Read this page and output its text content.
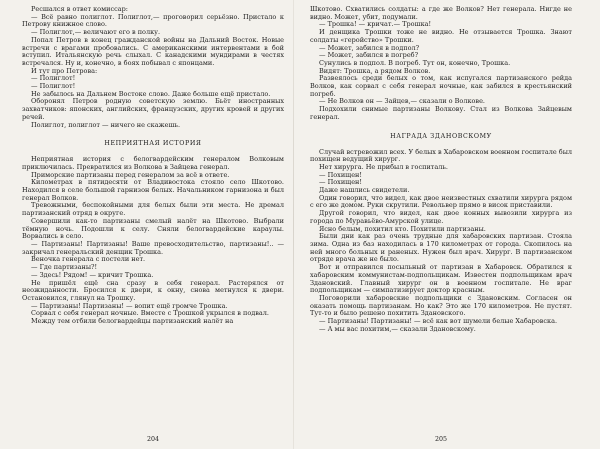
Ресшался в ответ комиссар:

— Всё равно полиглот. Полиглот,— проговорил серьёзно. Пристало к Петрову книжное слово.

— Полиглот,— величают его в полку.

Попал Петров в конец гражданской войны на Дальний Восток. Новые встречи с врагами пробовались. С американскими интервентами в бой вступил. Итальянскую речь слыхал. С канадскими мундирами в честях встречался. Ну и, конечно, в боях побывал с японцами.

И тут про Петрова:

— Полиглот!

— Полиглот!

Не забылось на Дальнем Востоке слово. Даже больше ещё пристало.

Оборонял Петров родную советскую землю. Бьёт иностранных захватчиков: японских, английских, французских, других кровей и других речей.

Полиглот, полиглот — ничего не скажешь.

НЕПРИЯТНАЯ ИСТОРИЯ

Неприятная история с белогвардейским генералом Волковым приключилась. Превратился из Волкова в Зайцева генерал.

Приморские партизаны перед генералом за всё в ответе.

Километрах в пятидесяти от Владивостока стояло село Шкотово. Находился в селе большой гарнизон белых. Начальником гарнизона и был генерал Волков.

Тревожными, беспокойными для белых были эти места. Не дремал партизанский отряд в округе.

Совершили как-то партизаны смелый налёт на Шкотово. Выбрали тёмную ночь. Подошли к селу. Сняли белогвардейские караулы. Ворвались в село.

— Партизаны! Партизаны! Ваше превосходительство, партизаны!.. — закричал генеральский денщик Трошка.

Веночка генерала с постели нет.

— Где партизаны?!

— Здесь! Рядом! — кричит Трошка.

Не пришёл ещё сна сразу в себя генерал. Растерялся от неожиданности. Бросился к двери, к окну, снова метнулся к двери. Остановился, глянул на Трошку.

— Партизаны! Партизаны! — вопит ещё громче Трошка.

Сорвал с себя генерал ночные. Вместе с Трошкой укрылся в подвал.

Между тем отбили белогвардейцы партизанский налёт на

204

Шкотово. Схватились солдаты: а где же Волков? Нет генерала. Нигде не видно. Может, убит, подумали.

— Трошка! — кричат.— Трошка!

И денщика Трошки тоже не видно. Не отзывается Трошка. Знают солдаты «геройство» Трошки.

— Может, забился в подпол?

— Может, забился в погреб?

Сунулись в подпол. В погреб. Тут он, конечно, Трошка.

Видят: Трошка, а рядом Волков.

Развеялось среди белых о том, как испугался партизанского рейда Волков, как сорвал с себя генерал ночные, как забился в крестьянский погреб.

— Не Волков он — Зайцев,— сказали о Волкове.

Подхохили снимые партизаны Волкову. Стал из Волкова Зайцевым генерал.

НАГРАДА ЗДАНОВСКОМУ

Случай встревожил всех. У белых в Хабаровском военном госпитале был похищен ведущий хирург.

Нет хирурга. Не прибыл в госпиталь.

— Похищен!

— Похищен!

Даже нашлись свидетели.

Один говорил, что видел, как двое неизвестных схватили хирурга рядом с его же домом. Руки скрутили. Револьвер прямо в висок приставили.

Другой говорил, что видел, как двое конных вывозили хирурга из города по Муравьёво-Амурской улице.

Ясно белым, похитил кто. Похитили партизаны.

Были дни как раз очень трудные для хабаровских партизан. Стояла зима. Одна из баз находилась в 170 километрах от города. Скопилось на ней много больных и раненых. Нужен был врач. Хирург. В партизанском отряде врача же не было.

Вот и отправился посыльный от партизан в Хабаровск. Обратился к хабаровским коммунистам-подпольщикам. Известен подпольщикам врач Здановский. Главный хирург он в военном госпитале. Не враг подпольщикам — симпатизирует доктор красным.

Поговорили хабаровские подпольщики с Здановским. Согласен он оказать помощь партизанам. Но как? Это же 170 километров. Не пустят. Тут-то и было решено похитить Здановского.

— Партизаны! Партизаны! — всё как вот шумели белые Хабаровска.

— А мы вас похитим,— сказали Здановскому.

205
